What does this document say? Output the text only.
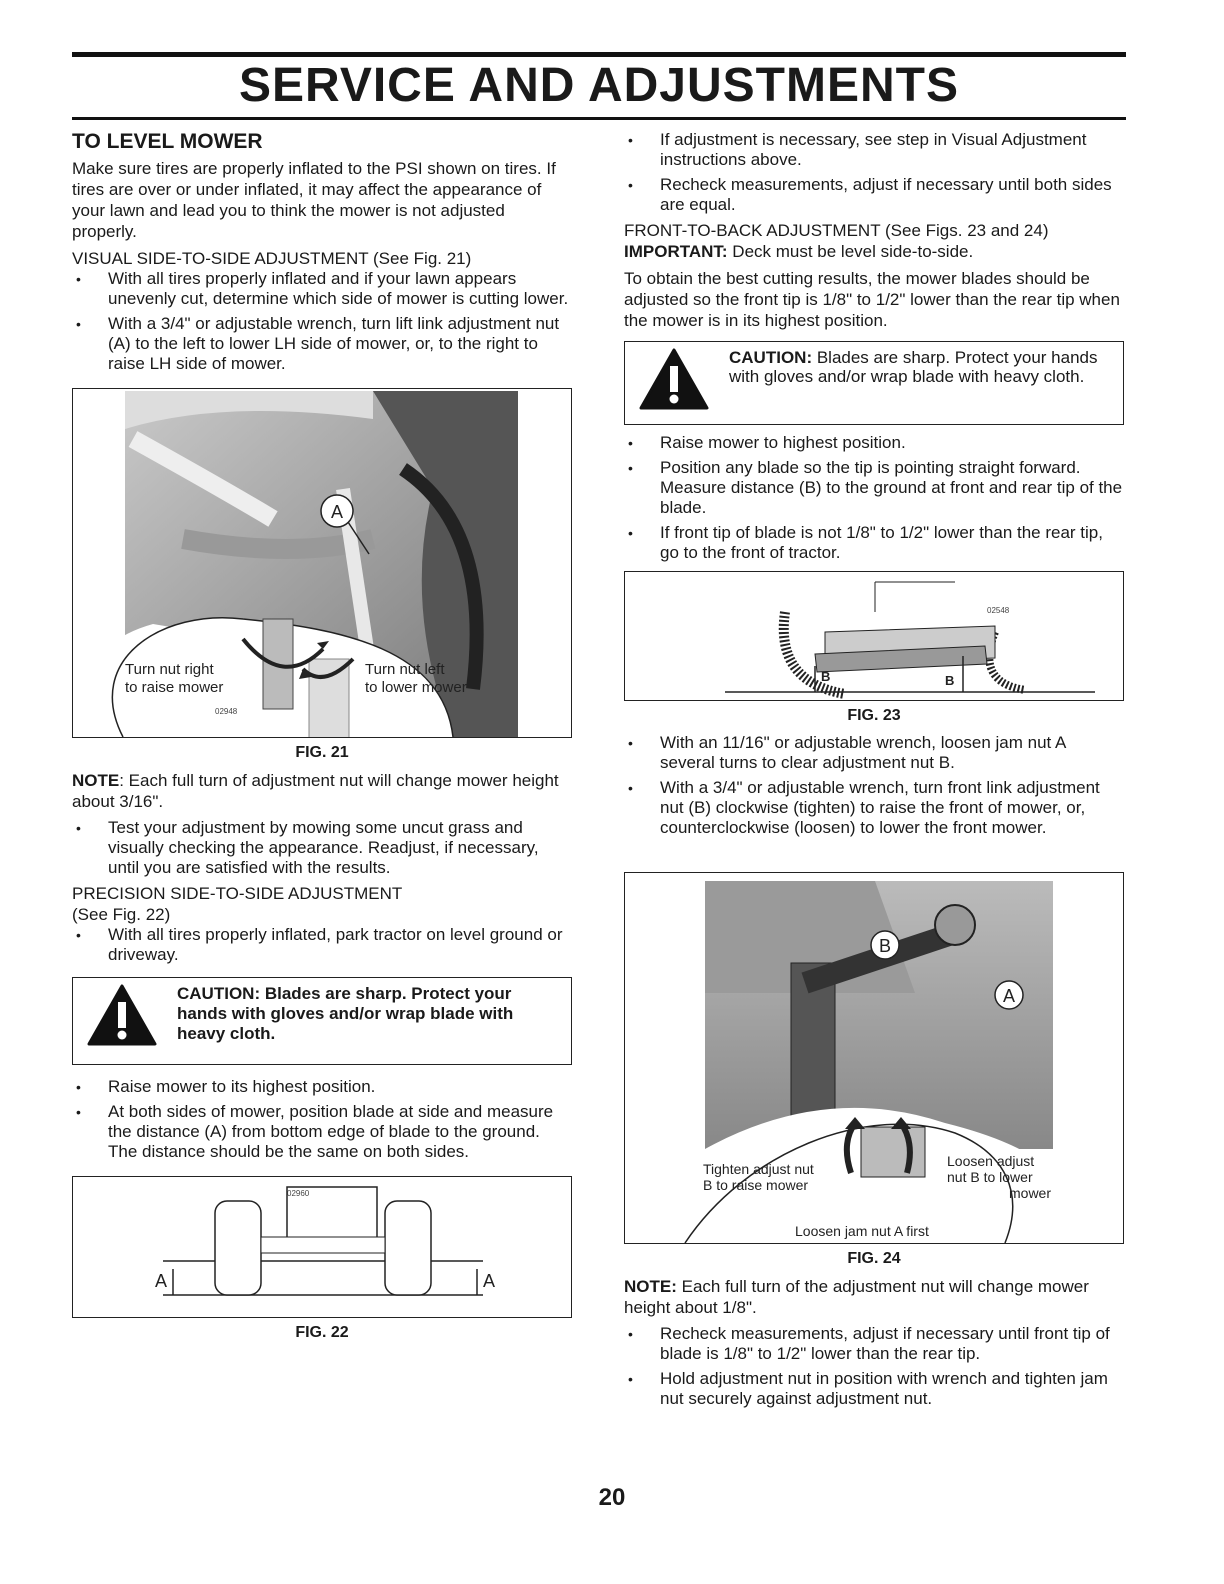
SERVICE AND ADJUSTMENTS
TO LEVEL MOWER

Make sure tires are properly inflated to the PSI shown on tires. If tires are over or under inflated, it may affect the appearance of your lawn and lead you to think the mower is not adjusted properly.

VISUAL SIDE-TO-SIDE ADJUSTMENT (See Fig. 21)

• With all tires properly inflated and if your lawn appears unevenly cut, determine which side of mower is cutting lower.
• With a 3/4" or adjustable wrench, turn lift link adjustment nut (A) to the left to lower LH side of mower, or, to the right to raise LH side of mower.
A
Turn nut right
to raise mower
Turn nut left
to lower mower
02948
FIG. 21

NOTE: Each full turn of adjustment nut will change mower height about 3/16".

• Test your adjustment by mowing some uncut grass and visually checking the appearance. Readjust, if necessary, until you are satisfied with the results.

PRECISION SIDE-TO-SIDE ADJUSTMENT

(See Fig. 22)

• With all tires properly inflated, park tractor on level ground or driveway.

CAUTION: Blades are sharp. Protect your hands with gloves and/or wrap blade with heavy cloth.

• Raise mower to its highest position.
• At both sides of mower, position blade at side and measure the distance (A) from bottom edge of blade to the ground. The distance should be the same on both sides.
A	A
02960
FIG. 22
• If adjustment is necessary, see step in Visual Adjustment instructions above.
• Recheck measurements, adjust if necessary until both sides are equal.

FRONT-TO-BACK ADJUSTMENT (See Figs. 23 and 24)

IMPORTANT: Deck must be level side-to-side.

To obtain the best cutting results, the mower blades should be adjusted so the front tip is 1/8" to 1/2" lower than the rear tip when the mower is in its highest position.

CAUTION: Blades are sharp. Protect your hands with gloves and/or wrap blade with heavy cloth.

• Raise mower to highest position.
• Position any blade so the tip is pointing straight forward. Measure distance (B) to the ground at front and rear tip of the blade.
• If front tip of blade is not 1/8" to 1/2" lower than the rear tip, go to the front of tractor.
B	B
02548
FIG. 23
• With an 11/16" or adjustable wrench, loosen jam nut A several turns to clear adjustment nut B.
• With a 3/4" or adjustable wrench, turn front link adjustment nut (B) clockwise (tighten) to raise the front of mower, or, counterclockwise (loosen) to lower the front mower.
B
A
Tighten adjust nut
B to raise mower
Loosen adjust
nut B to lower
mower
Loosen jam nut A first
FIG. 24

NOTE: Each full turn of the adjustment nut will change mower height about 1/8".

• Recheck measurements, adjust if necessary until front tip of blade is 1/8" to 1/2" lower than the rear tip.
• Hold adjustment nut in position with wrench and tighten jam nut securely against adjustment nut.
20
